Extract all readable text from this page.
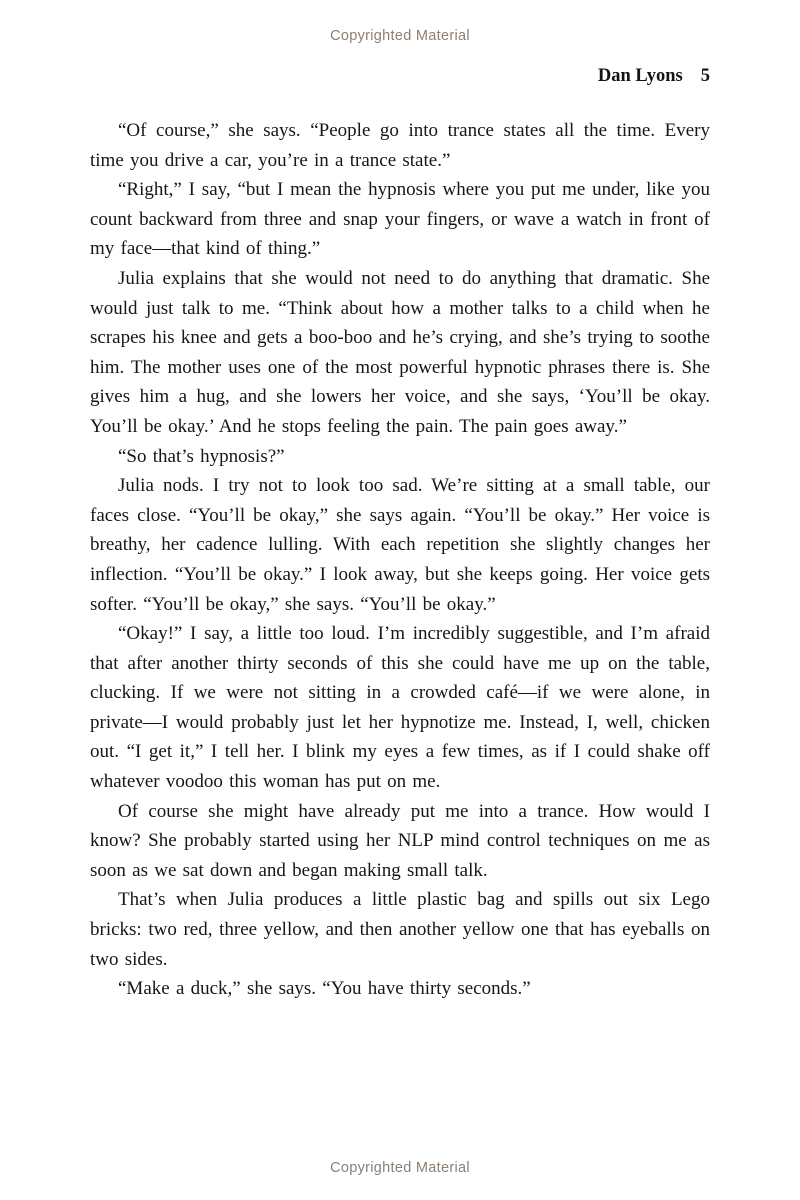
Copyrighted Material
Dan Lyons 5

“Of course,” she says. “People go into trance states all the time. Every time you drive a car, you’re in a trance state.”

“Right,” I say, “but I mean the hypnosis where you put me under, like you count backward from three and snap your fingers, or wave a watch in front of my face—that kind of thing.”

Julia explains that she would not need to do anything that dramatic. She would just talk to me. “Think about how a mother talks to a child when he scrapes his knee and gets a boo-boo and he’s crying, and she’s trying to soothe him. The mother uses one of the most powerful hypnotic phrases there is. She gives him a hug, and she lowers her voice, and she says, ‘You’ll be okay. You’ll be okay.’ And he stops feeling the pain. The pain goes away.”

“So that’s hypnosis?”

Julia nods. I try not to look too sad. We’re sitting at a small table, our faces close. “You’ll be okay,” she says again. “You’ll be okay.” Her voice is breathy, her cadence lulling. With each repetition she slightly changes her inflection. “You’ll be okay.” I look away, but she keeps going. Her voice gets softer. “You’ll be okay,” she says. “You’ll be okay.”

“Okay!” I say, a little too loud. I’m incredibly suggestible, and I’m afraid that after another thirty seconds of this she could have me up on the table, clucking. If we were not sitting in a crowded café—if we were alone, in private—I would probably just let her hypnotize me. Instead, I, well, chicken out. “I get it,” I tell her. I blink my eyes a few times, as if I could shake off whatever voodoo this woman has put on me.

Of course she might have already put me into a trance. How would I know? She probably started using her NLP mind control techniques on me as soon as we sat down and began making small talk.

That’s when Julia produces a little plastic bag and spills out six Lego bricks: two red, three yellow, and then another yellow one that has eyeballs on two sides.

“Make a duck,” she says. “You have thirty seconds.”

Copyrighted Material
